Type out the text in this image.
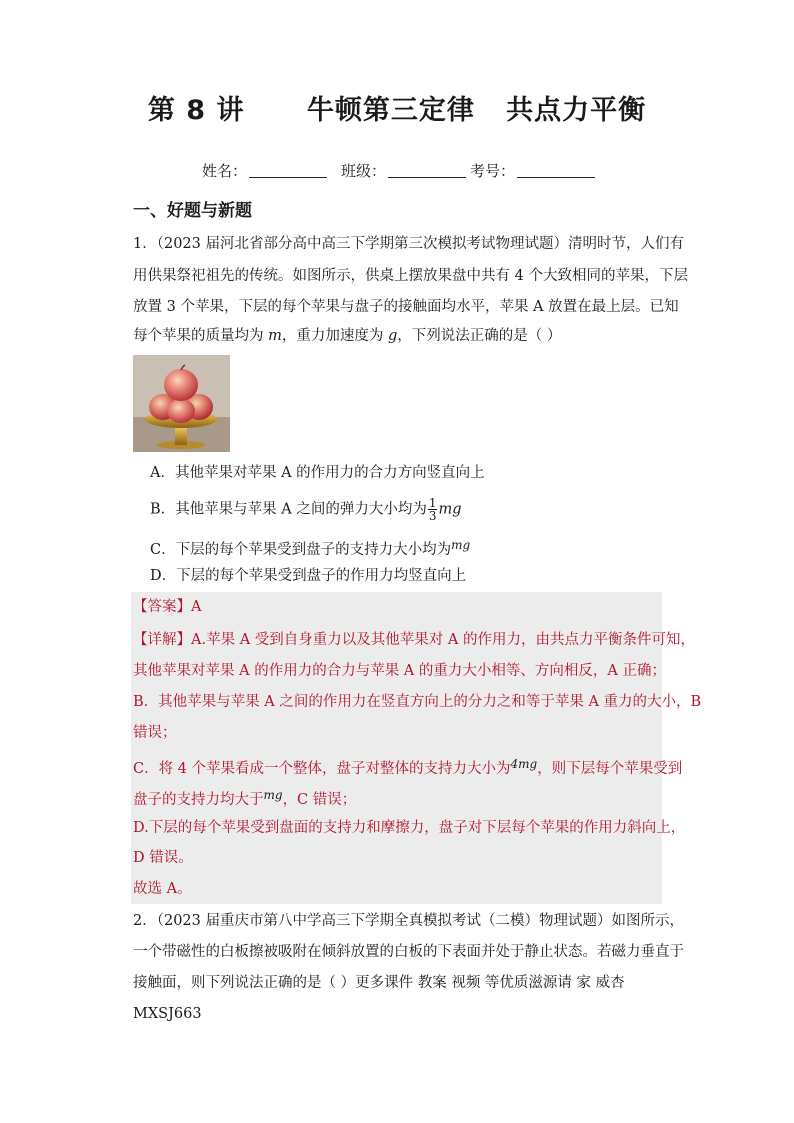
第 8 讲      牛顿第三定律   共点力平衡
姓名：	班级：	考号：
一、好题与新题
1．（2023 届河北省部分高中高三下学期第三次模拟考试物理试题）清明时节，人们有
用供果祭祀祖先的传统。如图所示，供桌上摆放果盘中共有 4 个大致相同的苹果，下层
放置 3 个苹果，下层的每个苹果与盘子的接触面均水平，苹果 A 放置在最上层。已知
每个苹果的质量均为 m，重力加速度为 g，下列说法正确的是（ ）
A．其他苹果对苹果 A 的作用力的合力方向竖直向上
B．其他苹果与苹果 A 之间的弹力大小均为 $\frac{1}{3}$ mg
C．下层的每个苹果受到盘子的支持力大小均为$^{mg}$
D．下层的每个苹果受到盘子的作用力均竖直向上
【答案】A
【详解】A.苹果 A 受到自身重力以及其他苹果对 A 的作用力，由共点力平衡条件可知，
其他苹果对苹果 A 的作用力的合力与苹果 A 的重力大小相等、方向相反，A 正确；
B．其他苹果与苹果 A 之间的作用力在竖直方向上的分力之和等于苹果 A 重力的大小，B
错误；
C．将 4 个苹果看成一个整体，盘子对整体的支持力大小为$^{4mg}$，则下层每个苹果受到
盘子的支持力均大于$^{mg}$，C 错误；
D.下层的每个苹果受到盘面的支持力和摩擦力，盘子对下层每个苹果的作用力斜向上，
D 错误。
故选 A。
2．（2023 届重庆市第八中学高三下学期全真模拟考试（二模）物理试题）如图所示，
一个带磁性的白板擦被吸附在倾斜放置的白板的下表面并处于静止状态。若磁力垂直于
接触面，则下列说法正确的是（ ）更多课件 教案 视频 等优质滋源请 家 威杏
MXSJ663
